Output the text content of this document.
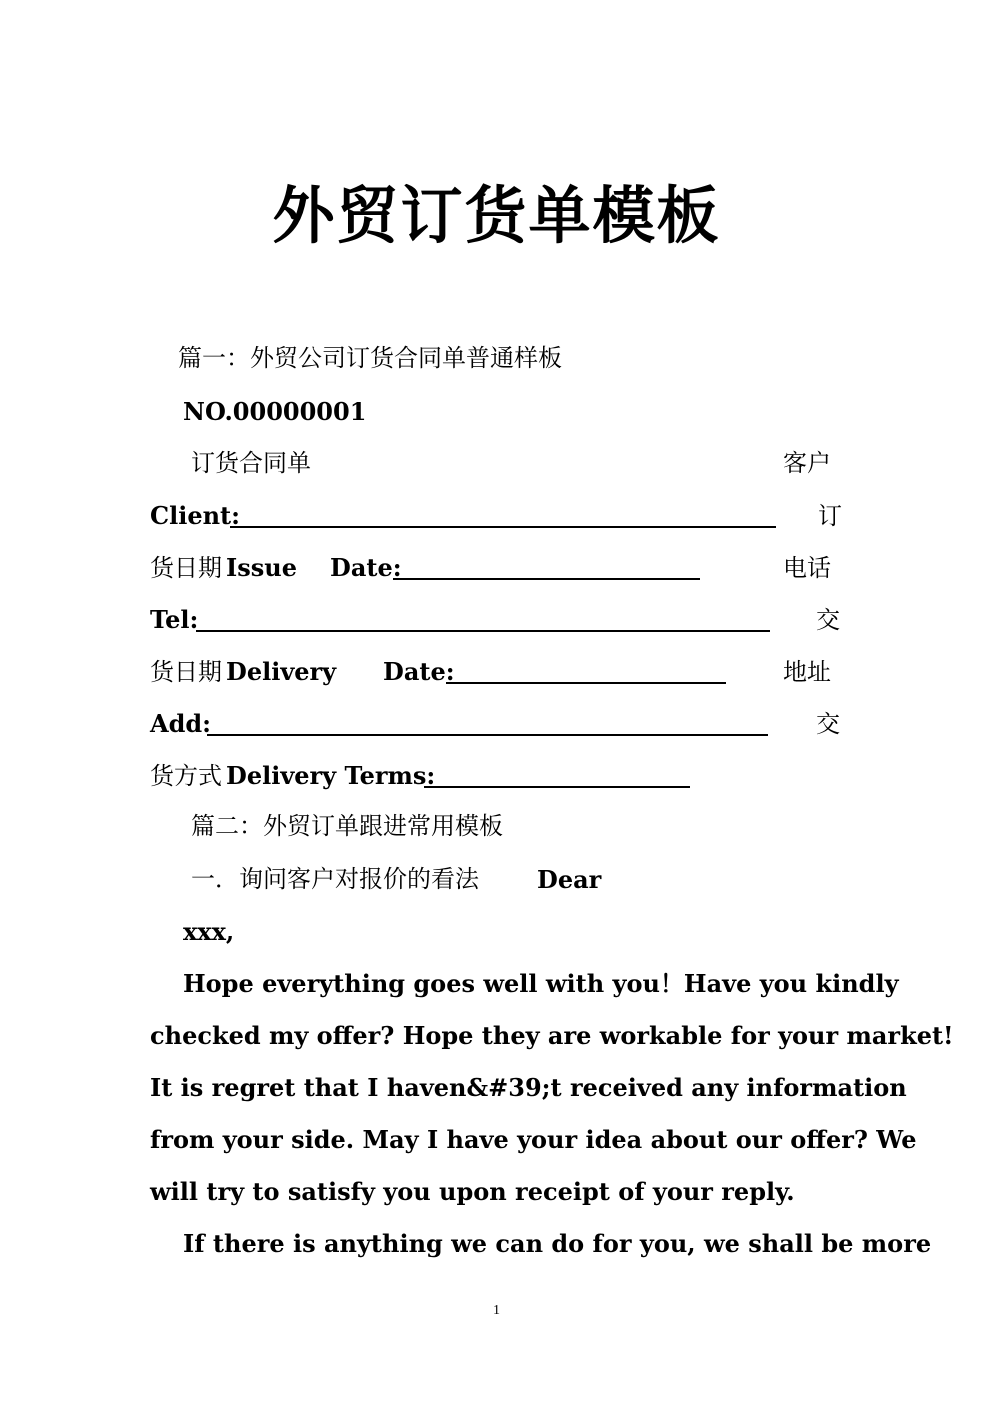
外贸订货单模板
篇一：外贸公司订货合同单普通样板
NO.00000001
订货合同单	客户
Client:	订
货日期 Issue Date:	电话
Tel:	交
货日期 Delivery Date:	地址
Add:	交
货方式 Delivery Terms:
篇二：外贸订单跟进常用模板
一．询问客户对报价的看法 Dear
xxx,
Hope everything goes well with you！Have you kindly
checked my offer? Hope they are workable for your market!
It is regret that I haven&#39;t received any information
from your side. May I have your idea about our offer? We
will try to satisfy you upon receipt of your reply.
If there is anything we can do for you, we shall be more
1
